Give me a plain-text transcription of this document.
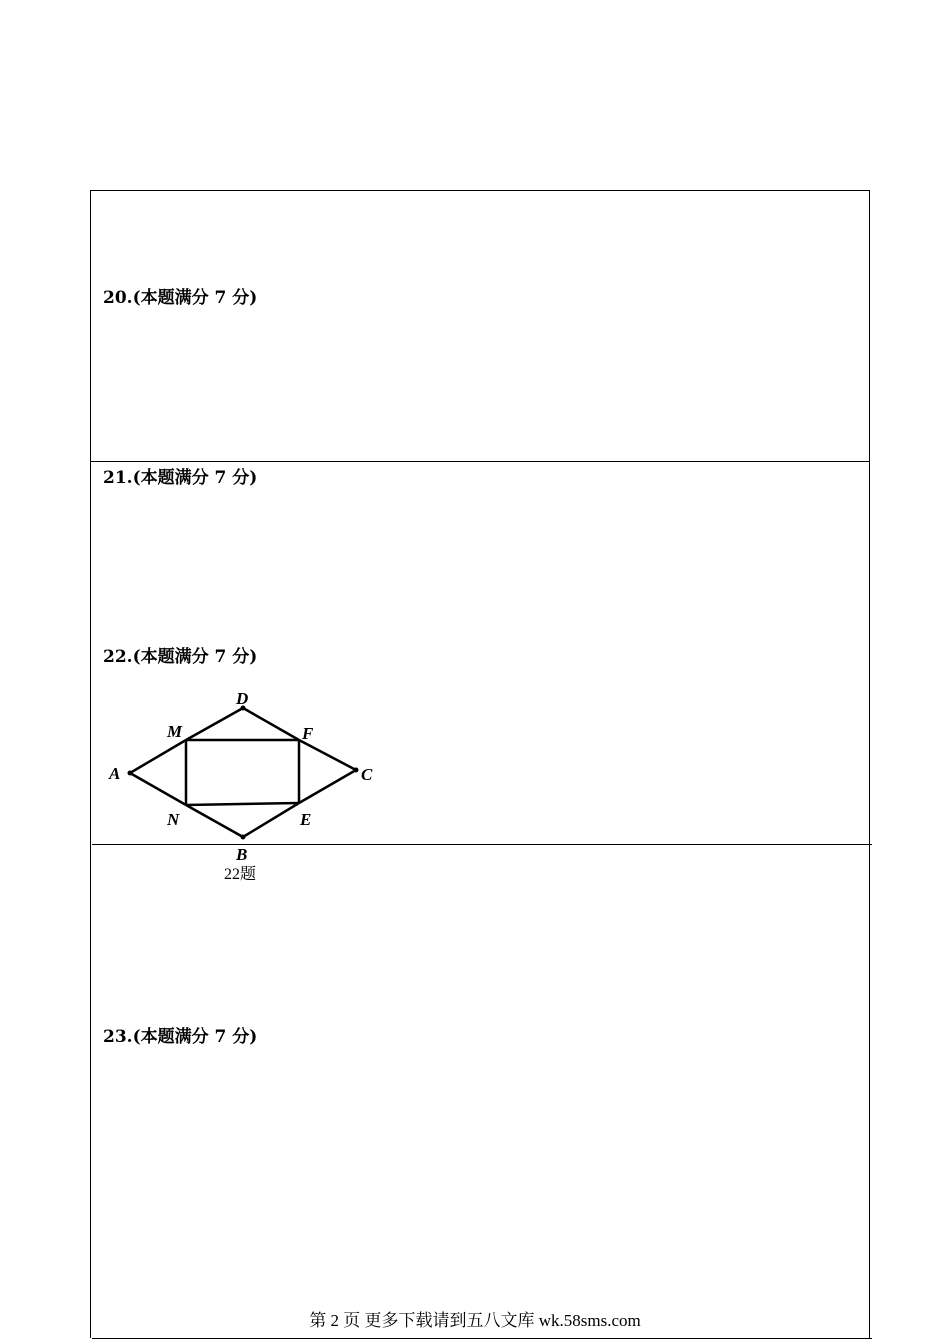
20.(本题满分 7 分)
21.(本题满分 7 分)
22.(本题满分 7 分)
23.(本题满分 7 分)
D
M	F
A	C
N	E
B
22题
第 2 页 更多下载请到五八文库 wk.58sms.com
